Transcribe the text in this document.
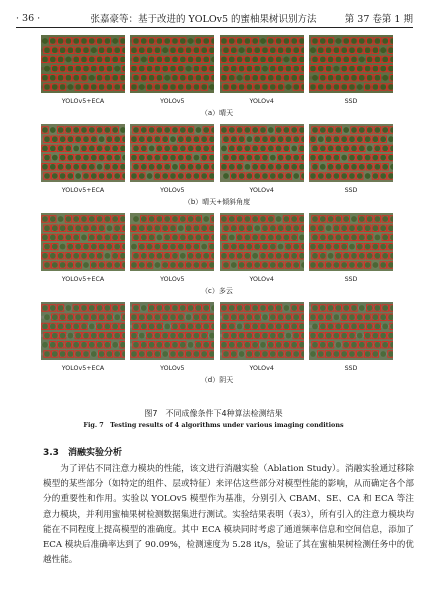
· 36 ·	张嘉豪等：基于改进的 YOLOv5 的蜜柚果树识别方法	第 37 卷第 1 期
YOLOv5+ECA	YOLOv5	YOLOv4	SSD
（a）晴天
YOLOv5+ECA	YOLOv5	YOLOv4	SSD
（b）晴天+倾斜角度
YOLOv5+ECA	YOLOv5	YOLOv4	SSD
（c）多云
YOLOv5+ECA	YOLOv5	YOLOv4	SSD
（d）阴天
图7　不同成像条件下4种算法检测结果
Fig. 7　Testing results of 4 algorithms under various imaging conditions
3.3　消融实验分析
为了评估不同注意力模块的性能，该文进行消融实验（Ablation Study）。消融实验通过移除模型的某些部分（如特定的组件、层或特征）来评估这些部分对模型性能的影响，从而确定各个部分的重要性和作用。实验以 YOLOv5 模型作为基准，分别引入 CBAM、SE、CA 和 ECA 等注意力模块，并利用蜜柚果树检测数据集进行测试。实验结果表明（表3），所有引入的注意力模块均能在不同程度上提高模型的准确度。其中 ECA 模块同时考虑了通道频率信息和空间信息，添加了 ECA 模块后准确率达到了 90.09%，检测速度为 5.28 it/s，验证了其在蜜柚果树检测任务中的优越性能。
